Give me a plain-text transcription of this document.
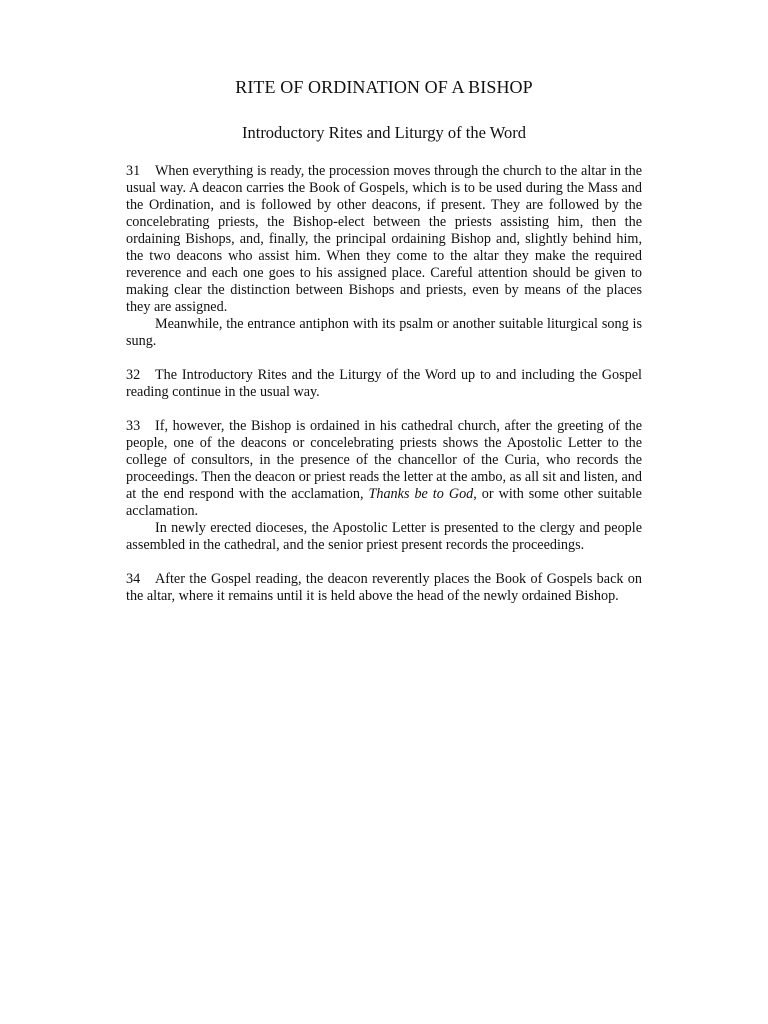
RITE OF ORDINATION OF A BISHOP
Introductory Rites and Liturgy of the Word

31 When everything is ready, the procession moves through the church to the altar in the usual way. A deacon carries the Book of Gospels, which is to be used during the Mass and the Ordination, and is followed by other deacons, if present. They are followed by the concelebrating priests, the Bishop-elect between the priests assisting him, then the ordaining Bishops, and, finally, the principal ordaining Bishop and, slightly behind him, the two deacons who assist him. When they come to the altar they make the required reverence and each one goes to his assigned place. Careful attention should be given to making clear the distinction between Bishops and priests, even by means of the places they are assigned.

Meanwhile, the entrance antiphon with its psalm or another suitable liturgical song is sung.

32 The Introductory Rites and the Liturgy of the Word up to and including the Gospel reading continue in the usual way.

33 If, however, the Bishop is ordained in his cathedral church, after the greeting of the people, one of the deacons or concelebrating priests shows the Apostolic Letter to the college of consultors, in the presence of the chancellor of the Curia, who records the proceedings. Then the deacon or priest reads the letter at the ambo, as all sit and listen, and at the end respond with the acclamation, Thanks be to God, or with some other suitable acclamation.

In newly erected dioceses, the Apostolic Letter is presented to the clergy and people assembled in the cathedral, and the senior priest present records the proceedings.

34 After the Gospel reading, the deacon reverently places the Book of Gospels back on the altar, where it remains until it is held above the head of the newly ordained Bishop.
